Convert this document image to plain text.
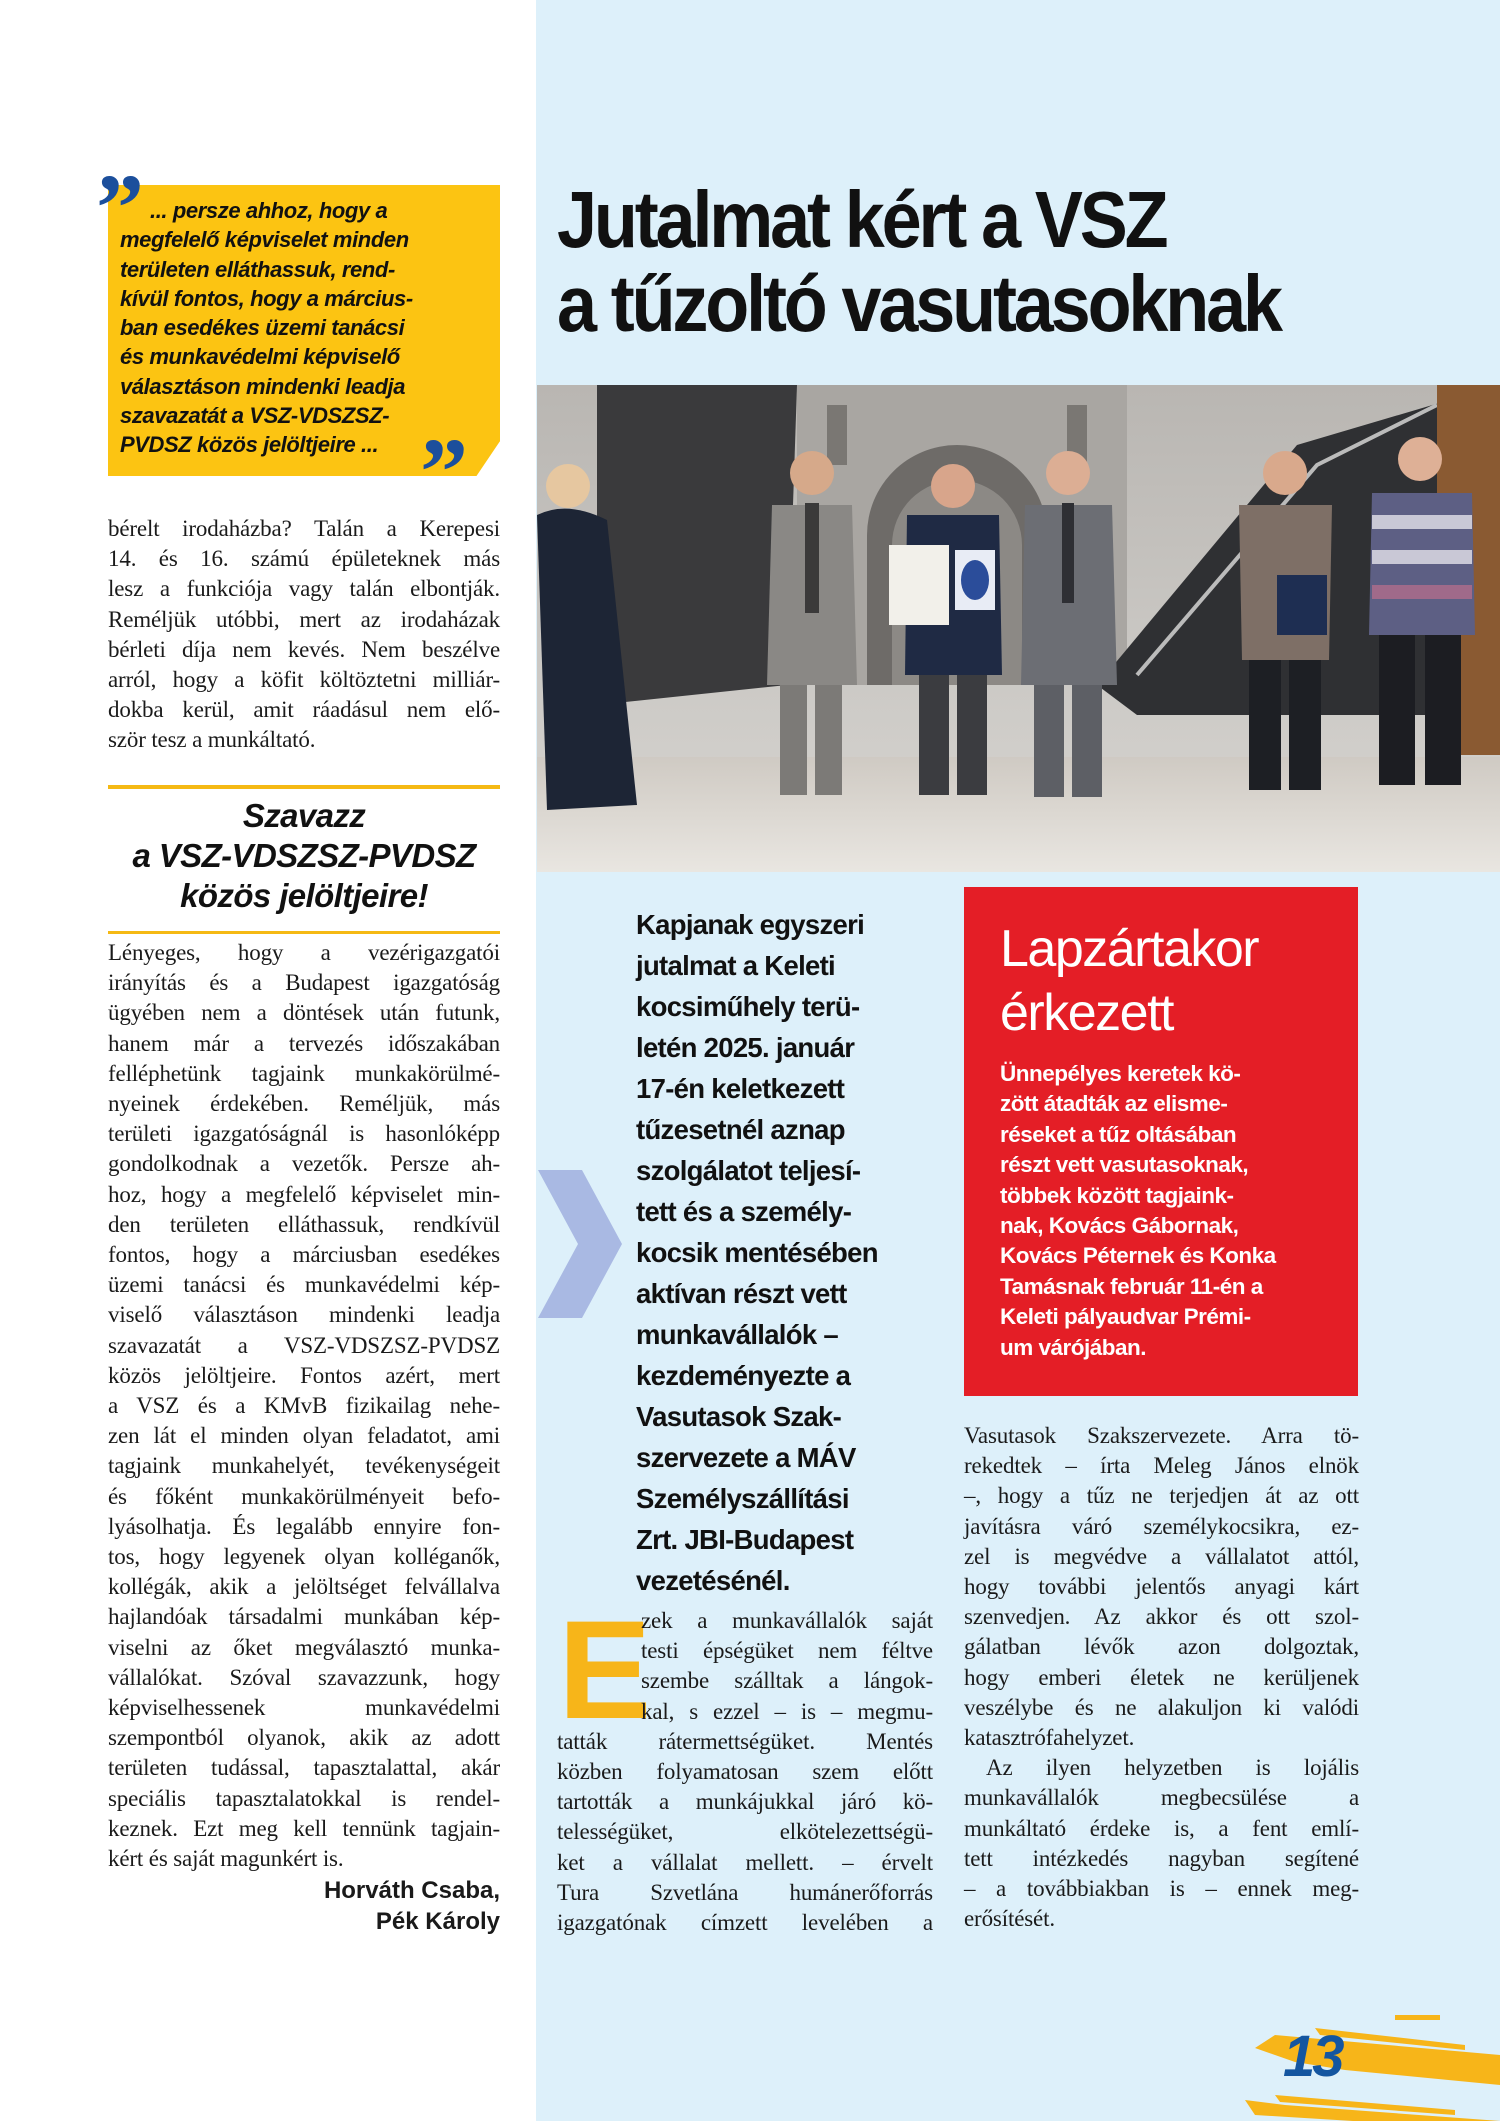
” ... persze ahhoz, hogy a
megfelelő képviselet minden
területen elláthassuk, rend-
kívül fontos, hogy a március-
ban esedékes üzemi tanácsi
és munkavédelmi képviselő
választáson mindenki leadja
szavazatát a VSZ-VDSZSZ-
PVDSZ közös jelöltjeire ... ”
bérelt irodaházba? Talán a Kerepesi
14. és 16. számú épületeknek más
lesz a funkciója vagy talán elbontják.
Reméljük utóbbi, mert az irodaházak
bérleti díja nem kevés. Nem beszélve
arról, hogy a köfit költöztetni milliár-
dokba kerül, amit ráadásul nem elő-
ször tesz a munkáltató.
Szavazz
a VSZ-VDSZSZ-PVDSZ
közös jelöltjeire!
Lényeges, hogy a vezérigazgatói
irányítás és a Budapest igazgatóság
ügyében nem a döntések után futunk,
hanem már a tervezés időszakában
felléphetünk tagjaink munkakörülmé-
nyeinek érdekében. Reméljük, más
területi igazgatóságnál is hasonlóképp
gondolkodnak a vezetők. Persze ah-
hoz, hogy a megfelelő képviselet min-
den területen elláthassuk, rendkívül
fontos, hogy a márciusban esedékes
üzemi tanácsi és munkavédelmi kép-
viselő választáson mindenki leadja
szavazatát a VSZ-VDSZSZ-PVDSZ
közös jelöltjeire. Fontos azért, mert
a VSZ és a KMvB fizikailag nehe-
zen lát el minden olyan feladatot, ami
tagjaink munkahelyét, tevékenységeit
és főként munkakörülményeit befo-
lyásolhatja. És legalább ennyire fon-
tos, hogy legyenek olyan kolléganők,
kollégák, akik a jelöltséget felvállalva
hajlandóak társadalmi munkában kép-
viselni az őket megválasztó munka-
vállalókat. Szóval szavazzunk, hogy
képviselhessenek munkavédelmi
szempontból olyanok, akik az adott
területen tudással, tapasztalattal, akár
speciális tapasztalatokkal is rendel-
keznek. Ezt meg kell tennünk tagjain-
kért és saját magunkért is.
Horváth Csaba,
Pék Károly
Jutalmat kért a VSZ
a tűzoltó vasutasoknak
Kapjanak egyszeri
jutalmat a Keleti
kocsiműhely terü-
letén 2025. január
17-én keletkezett
tűzesetnél aznap
szolgálatot teljesí-
tett és a személy-
kocsik mentésében
aktívan részt vett
munkavállalók –
kezdeményezte a
Vasutasok Szak-
szervezete a MÁV
Személyszállítási
Zrt. JBI-Budapest
vezetésénél.
Lapzártakor
érkezett
Ünnepélyes keretek kö-
zött átadták az elisme-
réseket a tűz oltásában
részt vett vasutasoknak,
többek között tagjaink-
nak, Kovács Gábornak,
Kovács Péternek és Konka
Tamásnak február 11-én a
Keleti pályaudvar Prémi-
um várójában.
E
zek a munkavállalók saját
testi épségüket nem féltve
szembe szálltak a lángok-
kal, s ezzel – is – megmu-
tatták rátermettségüket. Mentés
közben folyamatosan szem előtt
tartották a munkájukkal járó kö-
telességüket, elkötelezettségü-
ket a vállalat mellett. – érvelt
Tura Szvetlána humánerőforrás
igazgatónak címzett levelében a
Vasutasok Szakszervezete. Arra tö-
rekedtek – írta Meleg János elnök
–, hogy a tűz ne terjedjen át az ott
javításra váró személykocsikra, ez-
zel is megvédve a vállalatot attól,
hogy további jelentős anyagi kárt
szenvedjen. Az akkor és ott szol-
gálatban lévők azon dolgoztak,
hogy emberi életek ne kerüljenek
veszélybe és ne alakuljon ki valódi
katasztrófahelyzet.
Az ilyen helyzetben is lojális
munkavállalók megbecsülése a
munkáltató érdeke is, a fent emlí-
tett intézkedés nagyban segítené
– a továbbiakban is – ennek meg-
erősítését.
13
